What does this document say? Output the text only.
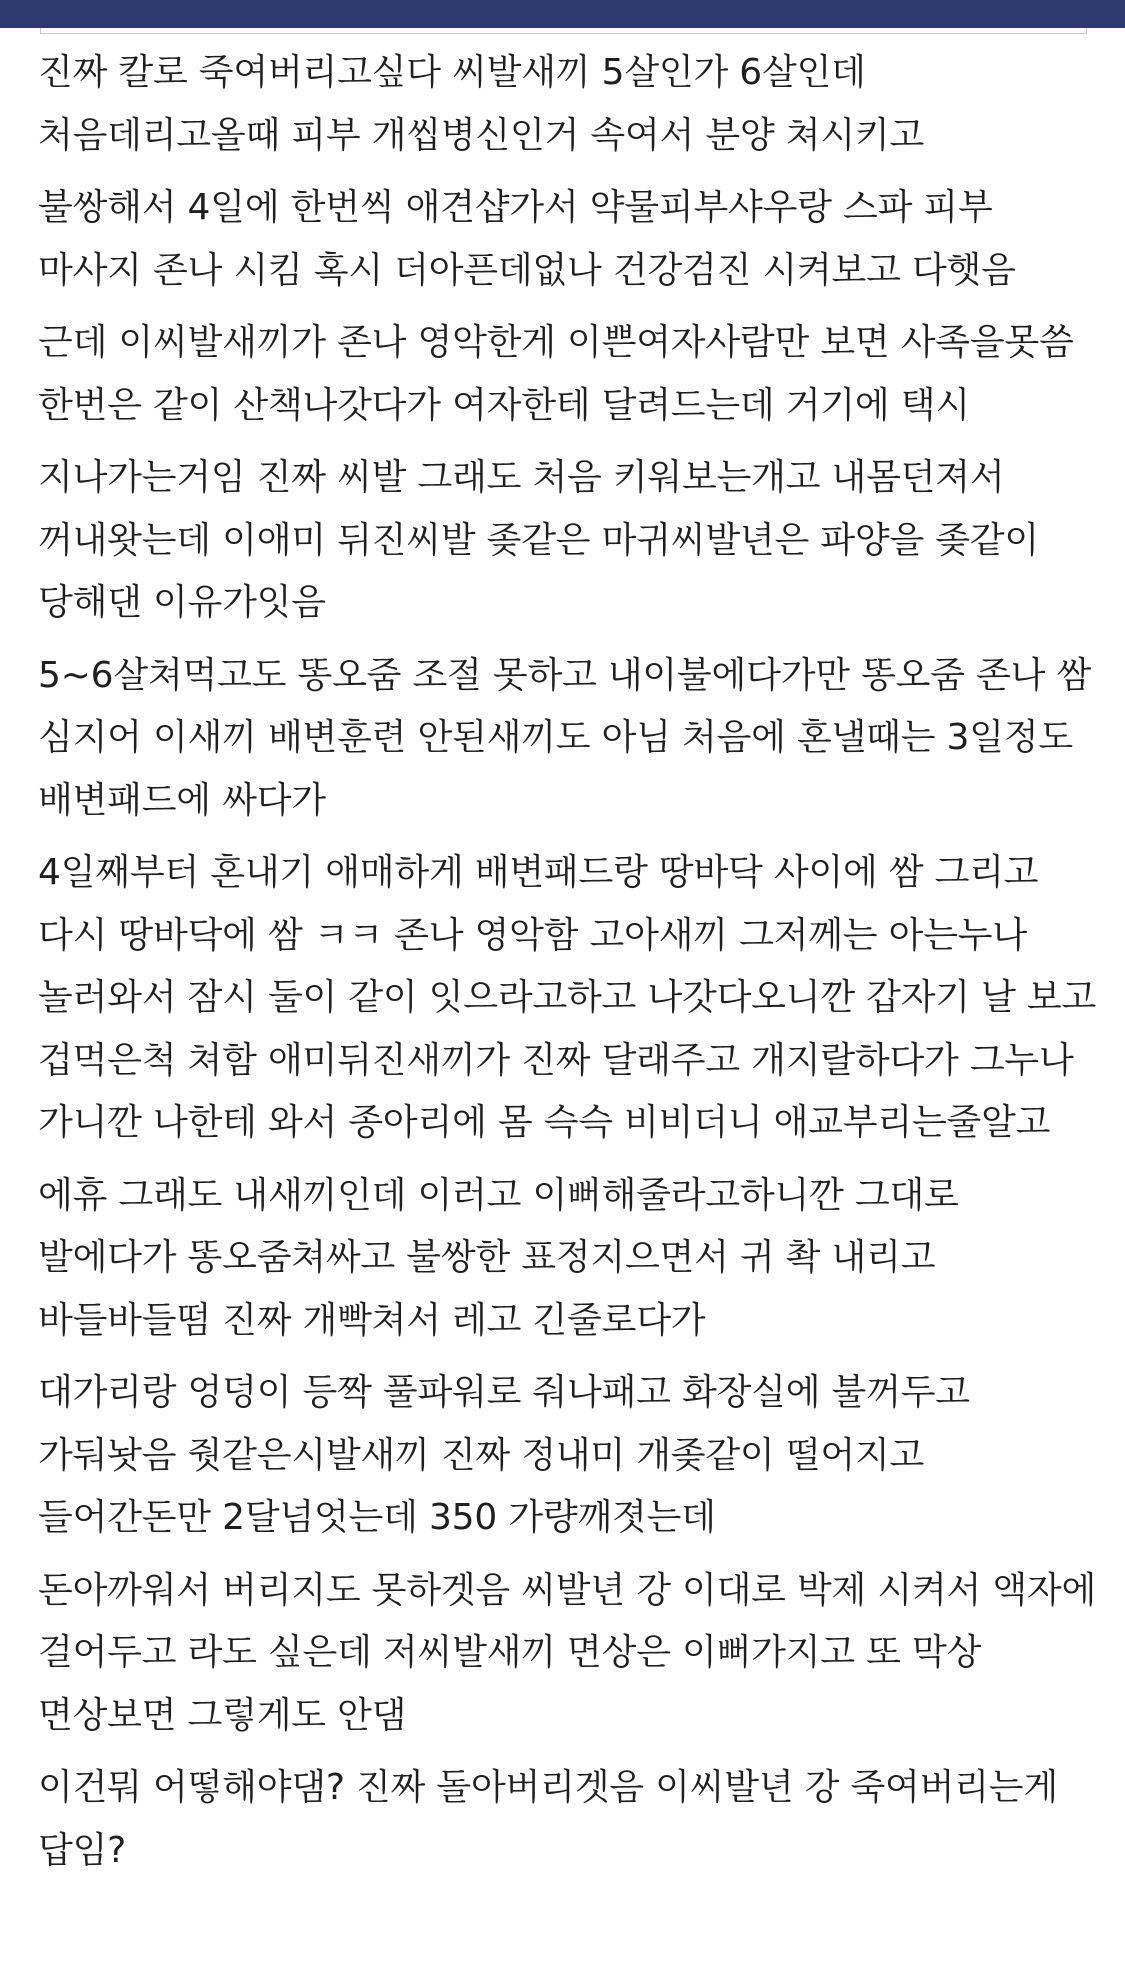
진짜 칼로 죽여버리고싶다 씨발새끼 5살인가 6살인데 처음데리고올때 피부 개씹병신인거 속여서 분양 쳐시키고

불쌍해서 4일에 한번씩 애견샵가서 약물피부샤우랑 스파 피부 마사지 존나 시킴 혹시 더아픈데없나 건강검진 시켜보고 다햇음

근데 이씨발새끼가 존나 영악한게 이쁜여자사람만 보면 사족을못씀 한번은 같이 산책나갓다가 여자한테 달려드는데 거기에 택시

지나가는거임 진짜 씨발 그래도 처음 키워보는개고 내몸던져서 꺼내왓는데 이애미 뒤진씨발 좆같은 마귀씨발년은 파양을 좆같이 당해댄 이유가잇음

5~6살쳐먹고도 똥오줌 조절 못하고 내이불에다가만 똥오줌 존나 쌈 심지어 이새끼 배변훈련 안된새끼도 아님 처음에 혼낼때는 3일정도 배변패드에 싸다가

4일째부터 혼내기 애매하게 배변패드랑 땅바닥 사이에 쌈 그리고 다시 땅바닥에 쌈 ㅋㅋ 존나 영악함 고아새끼 그저께는 아는누나 놀러와서 잠시 둘이 같이 잇으라고하고 나갓다오니깐 갑자기 날 보고 겁먹은척 쳐함 애미뒤진새끼가 진짜 달래주고 개지랄하다가 그누나 가니깐 나한테 와서 종아리에 몸 슥슥 비비더니 애교부리는줄알고

에휴 그래도 내새끼인데 이러고 이뻐해줄라고하니깐 그대로 발에다가 똥오줌쳐싸고 불쌍한 표정지으면서 귀 촥 내리고 바들바들떰 진짜 개빡쳐서 레고 긴줄로다가

대가리랑 엉덩이 등짝 풀파워로 줘나패고 화장실에 불꺼두고 가둬놧음 줫같은시발새끼 진짜 정내미 개좆같이 떨어지고 들어간돈만 2달넘엇는데 350 가량깨졋는데

돈아까워서 버리지도 못하겟음 씨발년 강 이대로 박제 시켜서 액자에 걸어두고 라도 싶은데 저씨발새끼 면상은 이뻐가지고 또 막상 면상보면 그렇게도 안댐

이건뭐 어떻해야댐? 진짜 돌아버리겟음 이씨발년 강 죽여버리는게 답임?
